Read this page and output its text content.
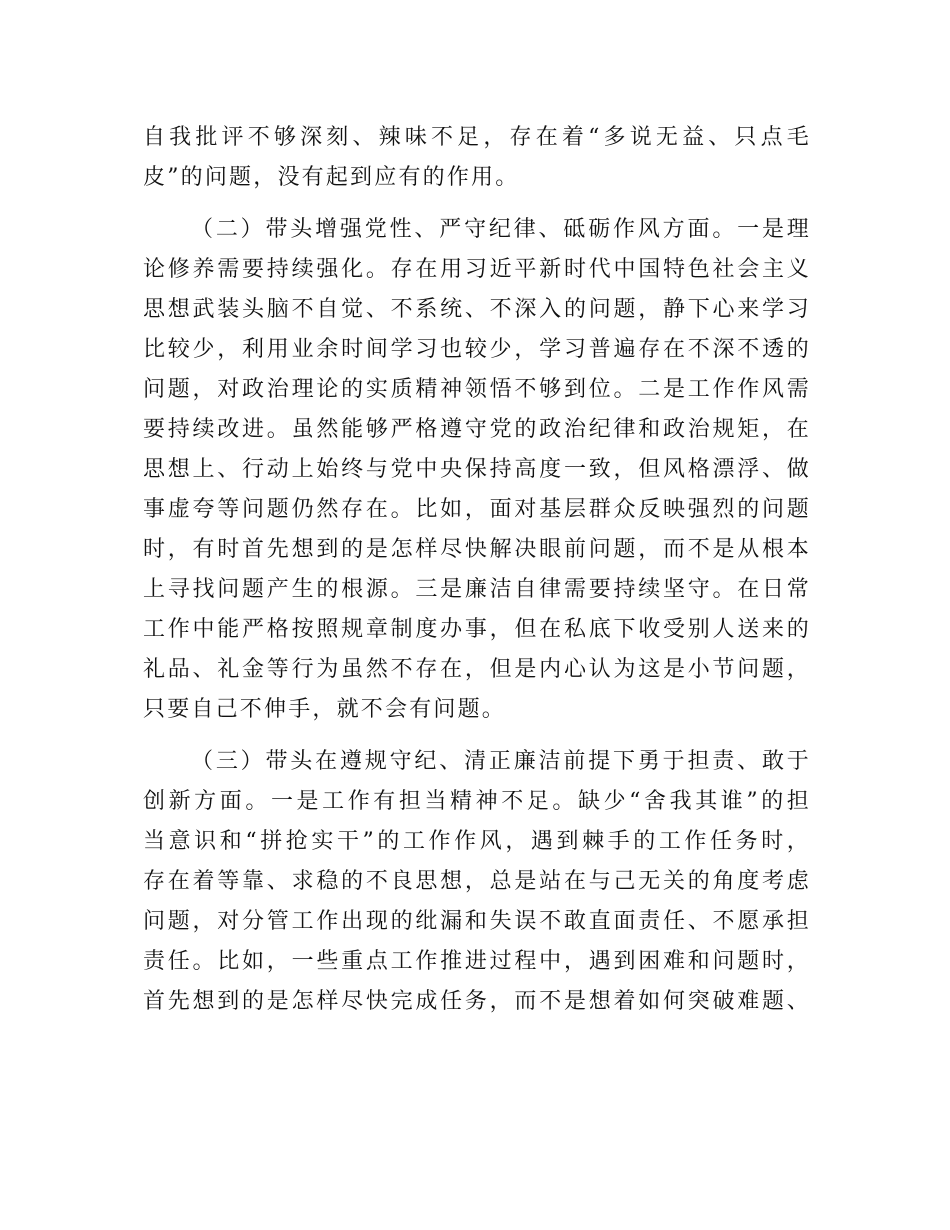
自我批评不够深刻、辣味不足，存在着“多说无益、只点毛
皮”的问题，没有起到应有的作用。
（二）带头增强党性、严守纪律、砥砺作风方面。一是理
论修养需要持续强化。存在用习近平新时代中国特色社会主义
思想武装头脑不自觉、不系统、不深入的问题，静下心来学习
比较少，利用业余时间学习也较少，学习普遍存在不深不透的
问题，对政治理论的实质精神领悟不够到位。二是工作作风需
要持续改进。虽然能够严格遵守党的政治纪律和政治规矩，在
思想上、行动上始终与党中央保持高度一致，但风格漂浮、做
事虚夸等问题仍然存在。比如，面对基层群众反映强烈的问题
时，有时首先想到的是怎样尽快解决眼前问题，而不是从根本
上寻找问题产生的根源。三是廉洁自律需要持续坚守。在日常
工作中能严格按照规章制度办事，但在私底下收受别人送来的
礼品、礼金等行为虽然不存在，但是内心认为这是小节问题，
只要自己不伸手，就不会有问题。
（三）带头在遵规守纪、清正廉洁前提下勇于担责、敢于
创新方面。一是工作有担当精神不足。缺少“舍我其谁”的担
当意识和“拼抢实干”的工作作风，遇到棘手的工作任务时，
存在着等靠、求稳的不良思想，总是站在与己无关的角度考虑
问题，对分管工作出现的纰漏和失误不敢直面责任、不愿承担
责任。比如，一些重点工作推进过程中，遇到困难和问题时，
首先想到的是怎样尽快完成任务，而不是想着如何突破难题、
